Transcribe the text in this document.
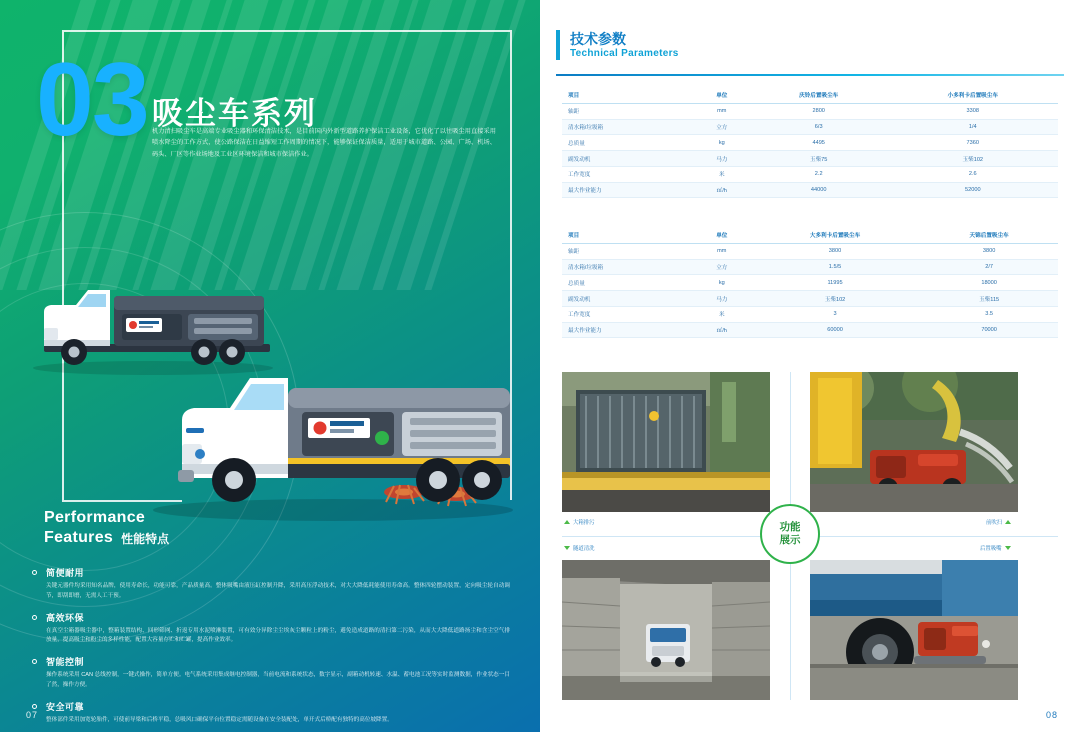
03 吸尘车系列
机力清扫吸尘车是高端专业吸尘器和环保清洁技术，是目前国内外新型道路养护保洁工业设备，它优化了以往吸尘用直接采用喷水降尘的工作方式，使公路保洁在日益缩短工作周期的情况下，能够保证保洁质量，适用于城市道路、公园、广场、机场、码头、厂区等作业场地及工业区环境保洁和城市保洁作业。
Performance
Features 性能特点
简便耐用
关键元器件均采用知名品牌，使用寿命长，功能可靠，产品质量高。整体吸嘴由液压缸控制升降，采用高压浮动技术，对大大降低耗能使用寿命高。整体四轮摆动装置，定向吸尘轮自动调节，即刮即磨，无需人工干预。
高效环保
在真空尘箱器吸尘器中，整箱装置结构、回形筛网、折返专用水泥喷淋装置，可有效分异除尘尘埃灰尘颗粒上的粉尘，避免造成道路的清扫第二污染，从而大大降低道路扬尘和含尘空气排放量，提高吸尘和粉尘的多样性能，配置大容量存贮和贮罐，提高作业效率。
智能控制
操作系统采用 CAN 总线控制，一键式操作，简单方便。电气系统采用集成继电控制器，当前电流和系统状态，数字显示，副箱动机转速、水温、蓄电池工况等实时监测数据，作业状态一目了然，操作方便。
安全可靠
整体部件采用加宽轮胎件，可使前导梁和后桥平稳，总吸风口确保平台位置稳定需随设备在安全装配处，单开式后桥配有独特的高位坡降置。
07
技术参数
Technical Parameters
项目	单位	庆铃后置吸尘车	小多利卡后置吸尘车
轴距	mm	2800	3308
清水箱/垃圾箱	立方	6/3	1/4
总质量	kg	4495	7360
副发动机	马力	玉柴75	玉柴102
工作宽度	米	2.2	2.6
最大作业能力	㎡/h	44000	52000
项目	单位	大多利卡后置吸尘车	天锦后置吸尘车
轴距	mm	3800	3800
清水箱/垃圾箱	立方	1.5/5	2/7
总质量	kg	11995	18000
副发动机	马力	玉柴102	玉柴115
工作宽度	米	3	3.5
最大作业能力	㎡/h	60000	70000
大箱排污	前吹扫
隧道清洗	后置吸嘴
功能
展示
08
